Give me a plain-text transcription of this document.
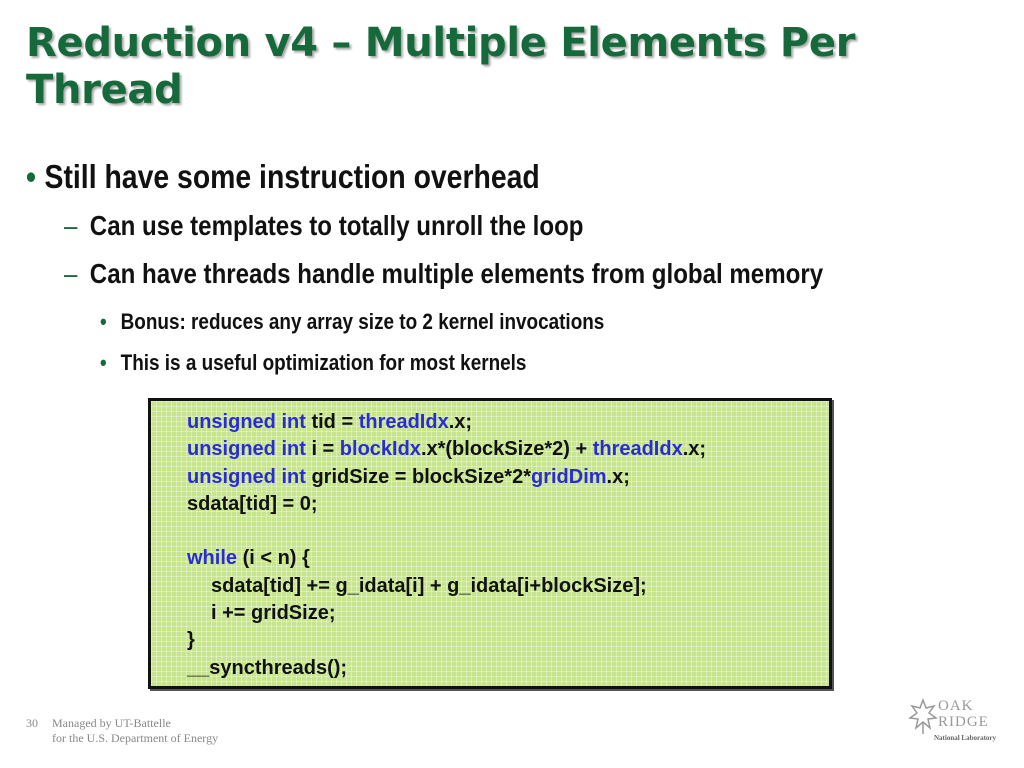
Reduction v4 – Multiple Elements Per Thread
• Still have some instruction overhead
– Can use templates to totally unroll the loop
– Can have threads handle multiple elements from global memory
• Bonus: reduces any array size to 2 kernel invocations
• This is a useful optimization for most kernels
unsigned int tid = threadIdx.x;
unsigned int i = blockIdx.x*(blockSize*2) + threadIdx.x;
unsigned int gridSize = blockSize*2*gridDim.x;
sdata[tid] = 0;

while (i < n) {
sdata[tid] += g_idata[i] + g_idata[i+blockSize];
i += gridSize;
}
__syncthreads();
30 Managed by UT-Battelle
for the U.S. Department of Energy
OAK
RIDGE
National Laboratory
